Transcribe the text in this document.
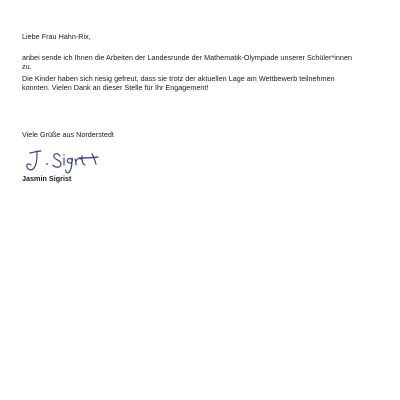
Liebe Frau Hahn-Rix,
anbei sende ich Ihnen die Arbeiten der Landesrunde der Mathematik-Olympiade unserer Schüler*innen
zu.
Die Kinder haben sich riesig gefreut, dass sie trotz der aktuellen Lage am Wettbewerb teilnehmen
konnten. Vielen Dank an dieser Stelle für Ihr Engagement!
Viele Grüße aus Norderstedt
Jasmin Sigrist
